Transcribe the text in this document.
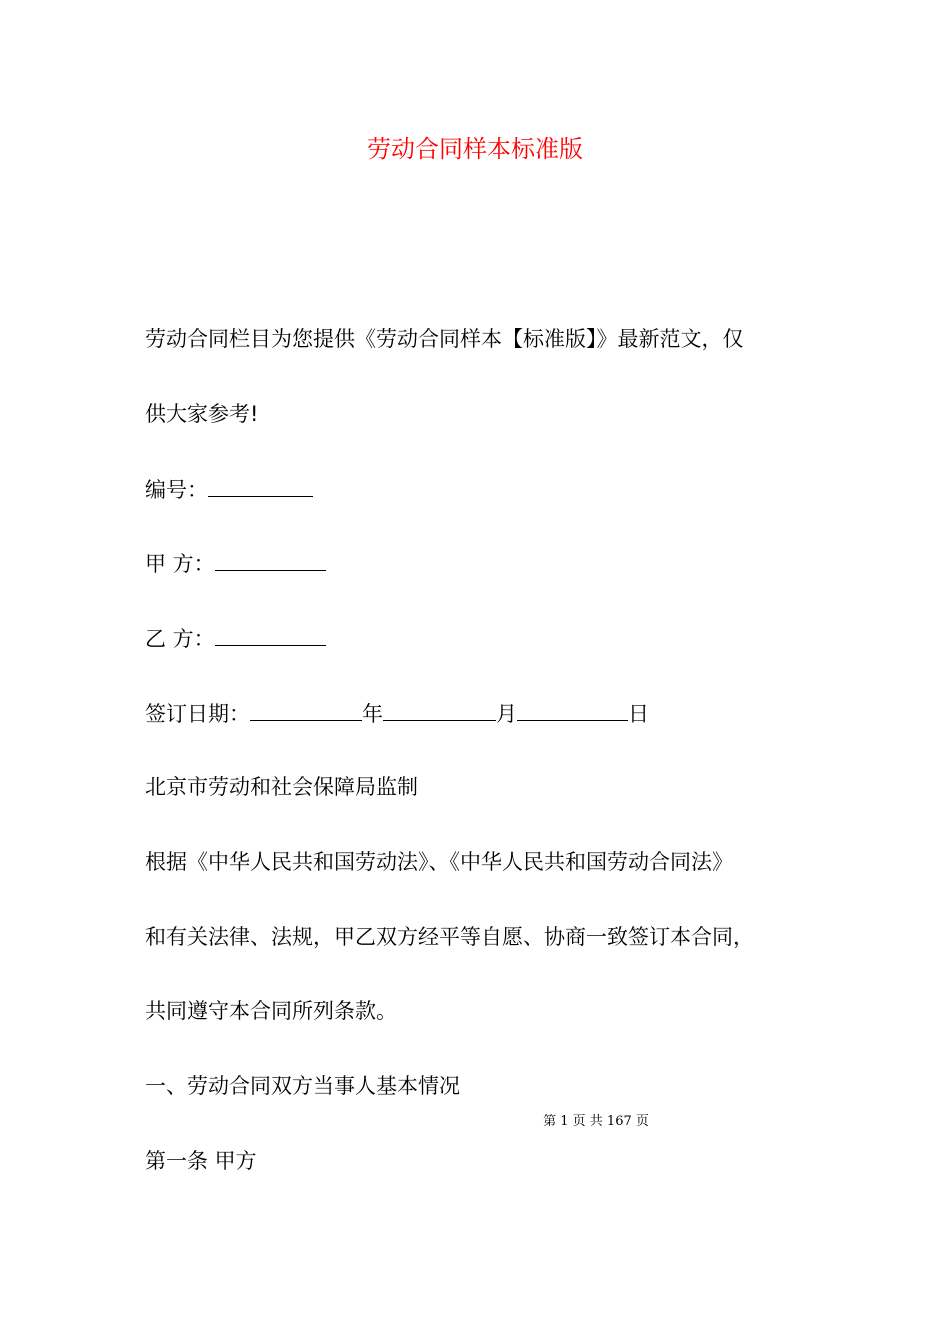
劳动合同样本标准版
劳动合同栏目为您提供《劳动合同样本【标准版】》最新范文，仅
供大家参考!
编号：
甲 方：
乙 方：
签订日期：	年	月	日
北京市劳动和社会保障局监制
根据《中华人民共和国劳动法》、《中华人民共和国劳动合同法》
和有关法律、法规，甲乙双方经平等自愿、协商一致签订本合同，
共同遵守本合同所列条款。
一、劳动合同双方当事人基本情况
第 1 页 共 167 页
第一条 甲方
